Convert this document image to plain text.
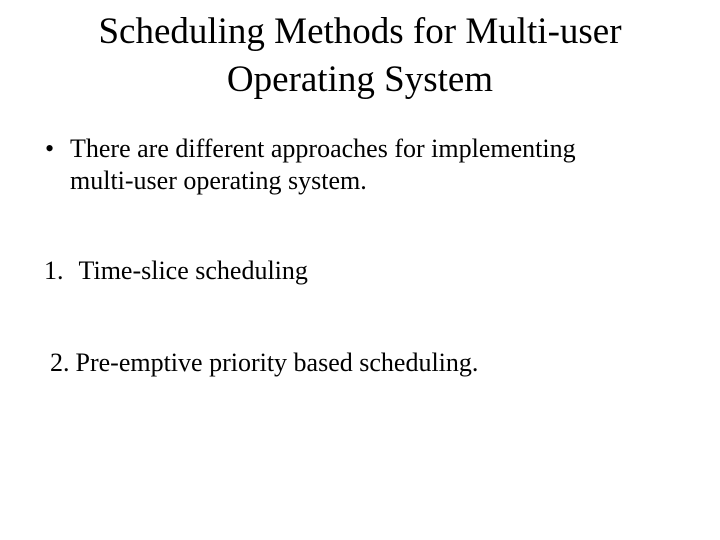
Scheduling Methods for Multi-user
Operating System
• There are different approaches for implementing
multi-user operating system.
1. Time-slice scheduling
2. Pre-emptive priority based scheduling.
